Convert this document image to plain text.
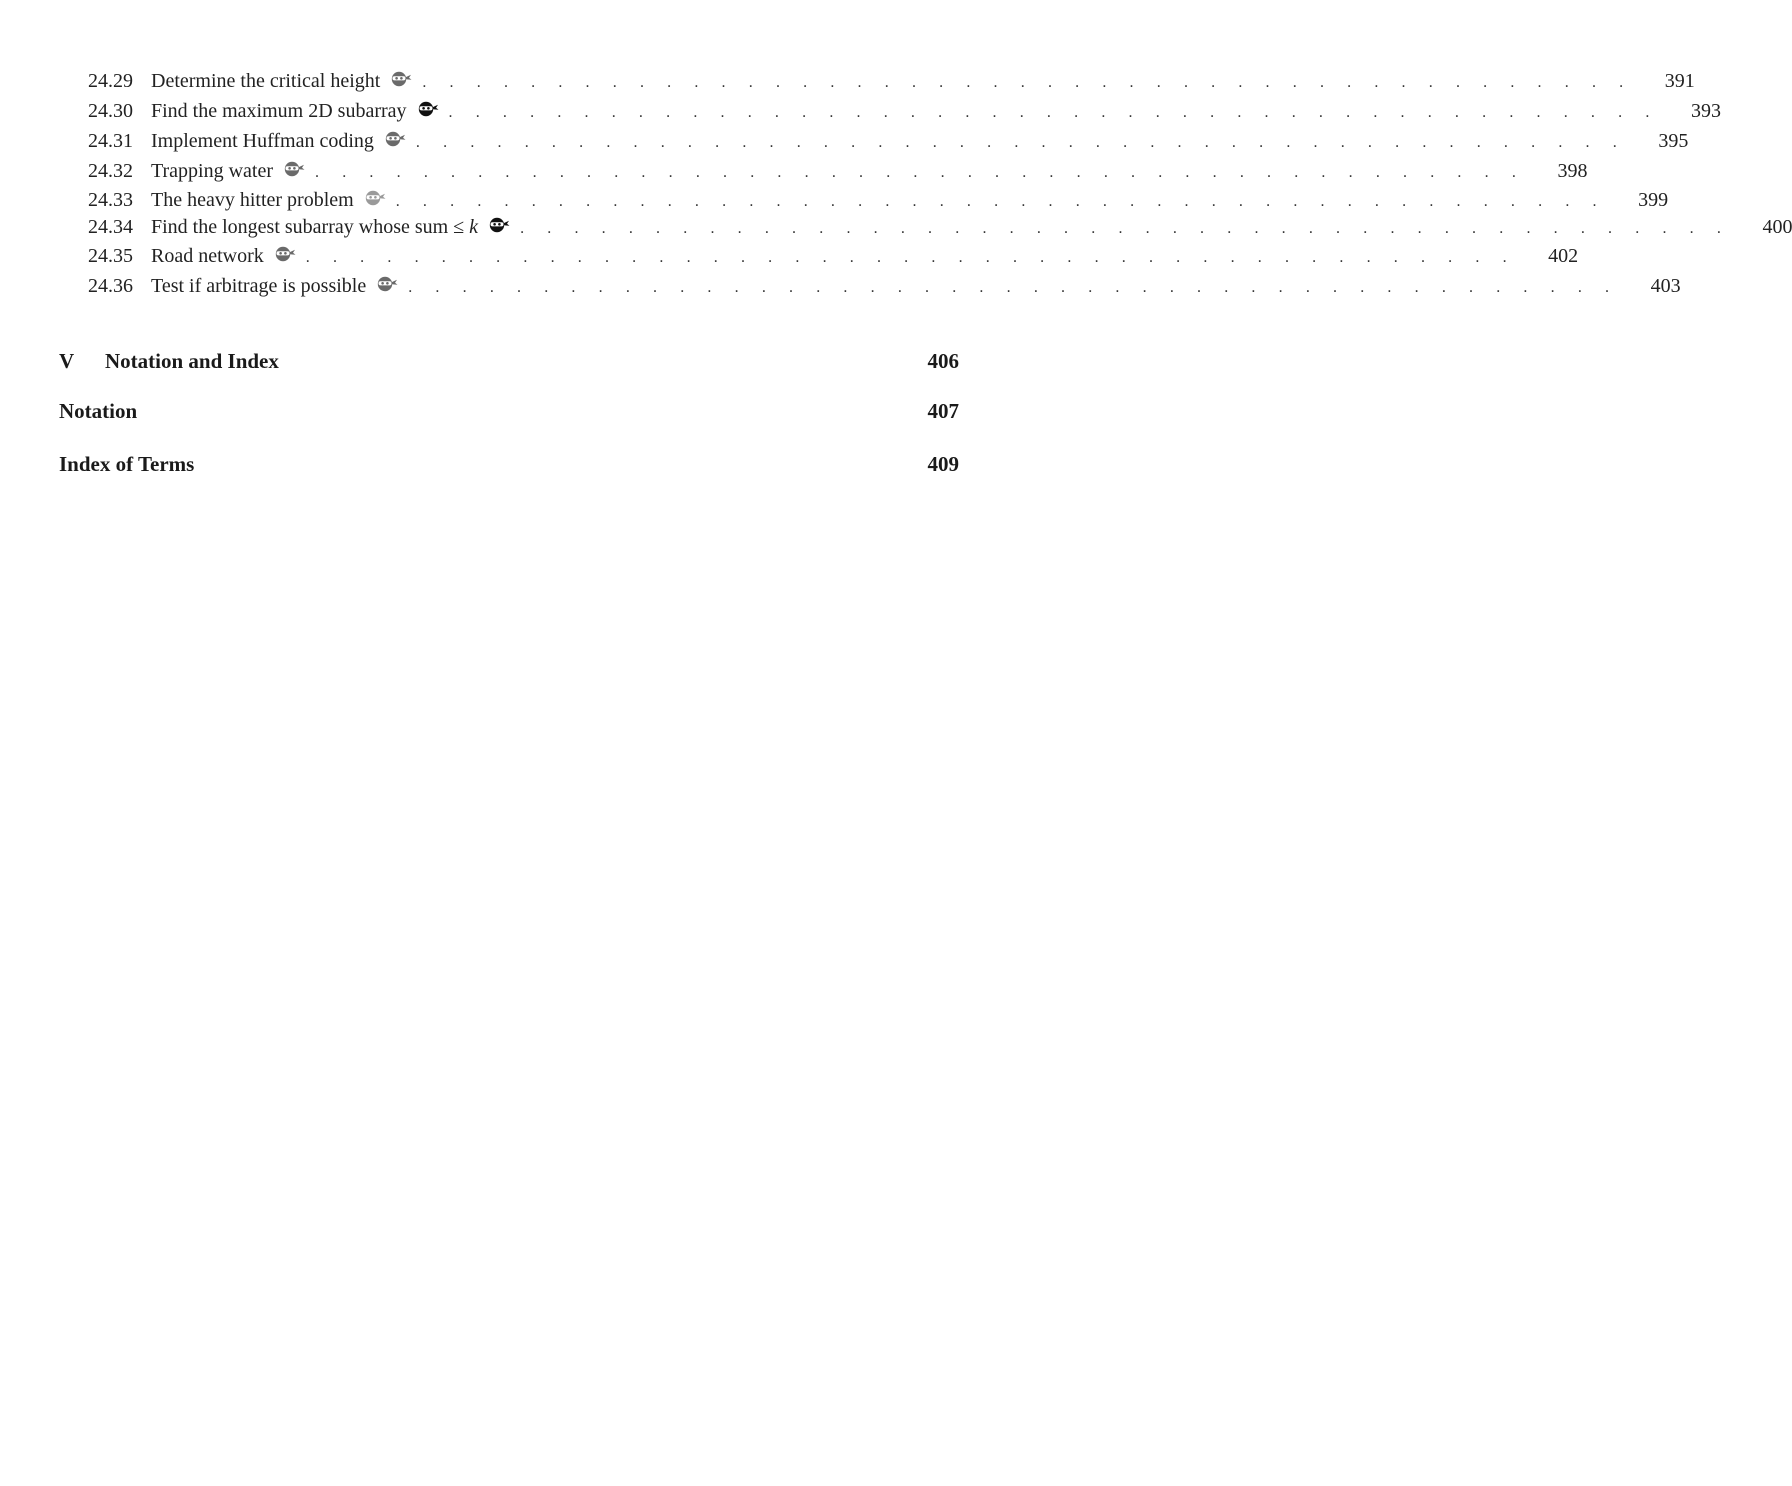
24.29 Determine the critical height	. . . . . . . . . . . . . . . . . . . . . . . . . . . . . . . . . . . . . . . . . . . . . 391
24.30 Find the maximum 2D subarray	. . . . . . . . . . . . . . . . . . . . . . . . . . . . . . . . . . . . . . . . . . . . . 393
24.31 Implement Huffman coding	. . . . . . . . . . . . . . . . . . . . . . . . . . . . . . . . . . . . . . . . . . . . . 395
24.32 Trapping water	. . . . . . . . . . . . . . . . . . . . . . . . . . . . . . . . . . . . . . . . . . . . . 398
24.33 The heavy hitter problem	. . . . . . . . . . . . . . . . . . . . . . . . . . . . . . . . . . . . . . . . . . . . . 399
24.34 Find the longest subarray whose sum ≤ k	. . . . . . . . . . . . . . . . . . . . . . . . . . . . . . . . . . . . . . . . . . . . . 400
24.35 Road network	. . . . . . . . . . . . . . . . . . . . . . . . . . . . . . . . . . . . . . . . . . . . . 402
24.36 Test if arbitrage is possible	. . . . . . . . . . . . . . . . . . . . . . . . . . . . . . . . . . . . . . . . . . . . . 403
V	Notation and Index	406
Notation	407
Index of Terms	409
